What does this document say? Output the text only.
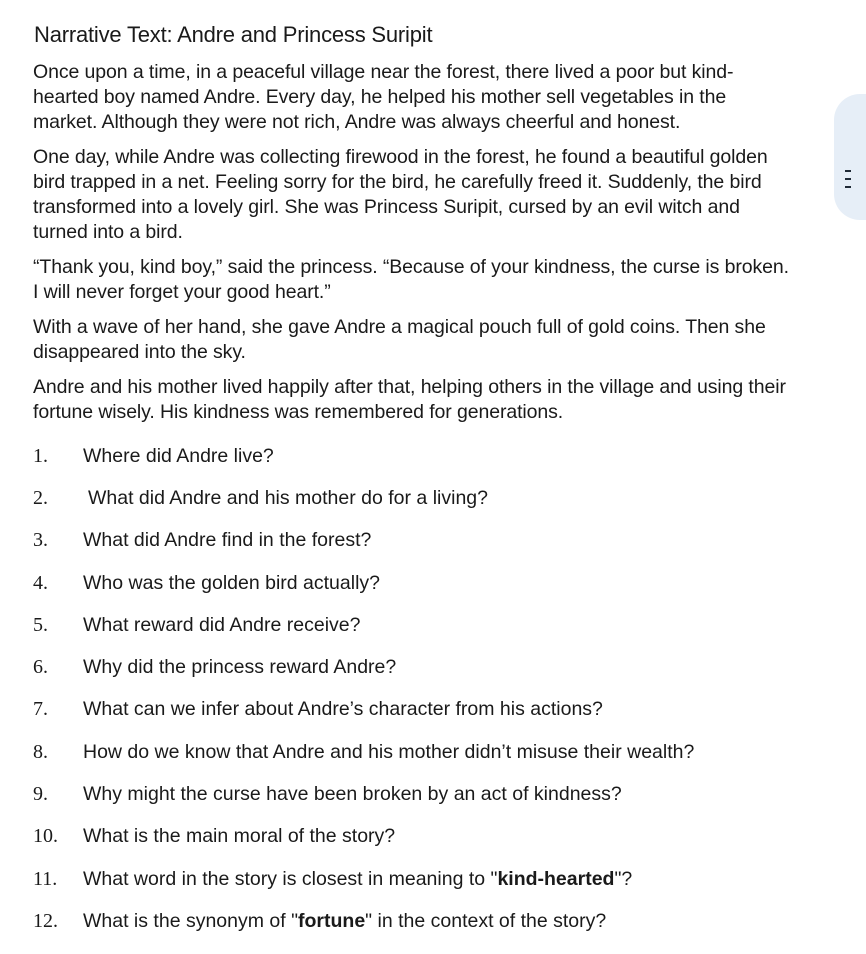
Narrative Text: Andre and Princess Suripit

Once upon a time, in a peaceful village near the forest, there lived a poor but kind-hearted boy named Andre. Every day, he helped his mother sell vegetables in the market. Although they were not rich, Andre was always cheerful and honest.

One day, while Andre was collecting firewood in the forest, he found a beautiful golden bird trapped in a net. Feeling sorry for the bird, he carefully freed it. Suddenly, the bird transformed into a lovely girl. She was Princess Suripit, cursed by an evil witch and turned into a bird.

“Thank you, kind boy,” said the princess. “Because of your kindness, the curse is broken. I will never forget your good heart.”

With a wave of her hand, she gave Andre a magical pouch full of gold coins. Then she disappeared into the sky.

Andre and his mother lived happily after that, helping others in the village and using their fortune wisely. His kindness was remembered for generations.

1.	Where did Andre live?
2.	What did Andre and his mother do for a living?
3.	What did Andre find in the forest?
4.	Who was the golden bird actually?
5.	What reward did Andre receive?
6.	Why did the princess reward Andre?
7.	What can we infer about Andre’s character from his actions?
8.	How do we know that Andre and his mother didn’t misuse their wealth?
9.	Why might the curse have been broken by an act of kindness?
10.	What is the main moral of the story?
11.	What word in the story is closest in meaning to "kind-hearted"?
12.	What is the synonym of "fortune" in the context of the story?
